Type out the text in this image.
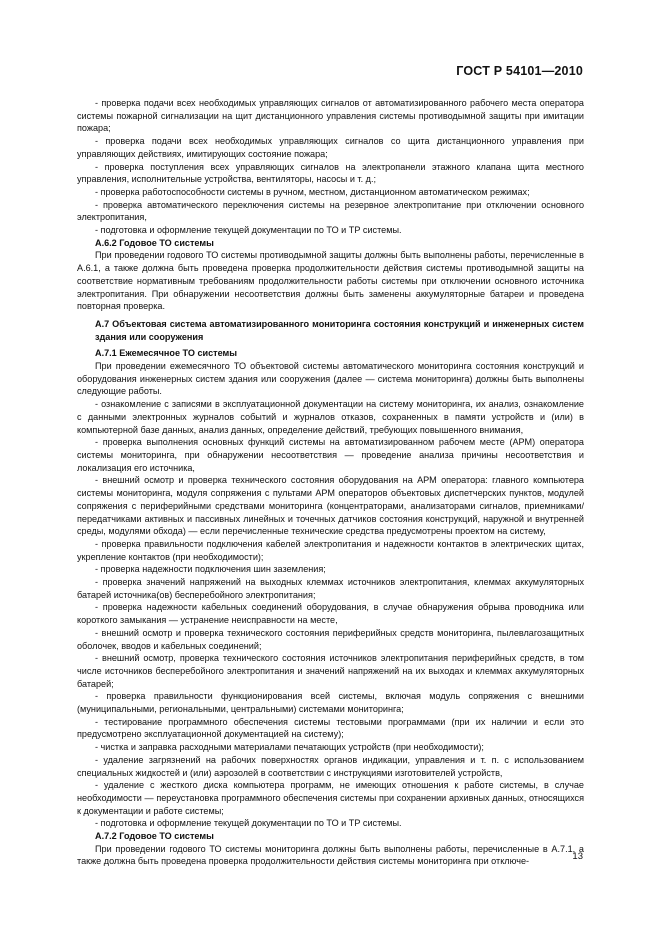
ГОСТ Р 54101—2010

- проверка подачи всех необходимых управляющих сигналов от автоматизированного рабочего места оператора системы пожарной сигнализации на щит дистанционного управления системы противодымной защиты при имитации пожара;

- проверка подачи всех необходимых управляющих сигналов со щита дистанционного управления при управляющих действиях, имитирующих состояние пожара;

- проверка поступления всех управляющих сигналов на электропанели этажного клапана щита местного управления, исполнительные устройства, вентиляторы, насосы и т. д.;

- проверка работоспособности системы в ручном, местном, дистанционном автоматическом режимах;

- проверка автоматического переключения системы на резервное электропитание при отключении основного электропитания,

- подготовка и оформление текущей документации по ТО и ТР системы.

А.6.2 Годовое ТО системы

При проведении годового ТО системы противодымной защиты должны быть выполнены работы, перечисленные в А.6.1, а также должна быть проведена проверка продолжительности действия системы противодымной защиты на соответствие нормативным требованиям продолжительности работы системы при отключении основного источника электропитания. При обнаружении несоответствия должны быть заменены аккумуляторные батареи и проведена повторная проверка.

А.7 Объектовая система автоматизированного мониторинга состояния конструкций и инженерных систем здания или сооружения

А.7.1 Ежемесячное ТО системы

При проведении ежемесячного ТО объектовой системы автоматического мониторинга состояния конструкций и оборудования инженерных систем здания или сооружения (далее — система мониторинга) должны быть выполнены следующие работы.

- ознакомление с записями в эксплуатационной документации на систему мониторинга, их анализ, ознакомление с данными электронных журналов событий и журналов отказов, сохраненных в памяти устройств и (или) в компьютерной базе данных, анализ данных, определение действий, требующих повышенного внимания,

- проверка выполнения основных функций системы на автоматизированном рабочем месте (АРМ) оператора системы мониторинга, при обнаружении несоответствия — проведение анализа причины несоответствия и локализация его источника,

- внешний осмотр и проверка технического состояния оборудования на АРМ оператора: главного компьютера системы мониторинга, модуля сопряжения с пультами АРМ операторов объектовых диспетчерских пунктов, модулей сопряжения с периферийными средствами мониторинга (концентраторами, анализаторами сигналов, приемниками/передатчиками активных и пассивных линейных и точечных датчиков состояния конструкций, наружной и внутренней среды, модулями обхода) — если перечисленные технические средства предусмотрены проектом на систему,

- проверка правильности подключения кабелей электропитания и надежности контактов в электрических щитах, укрепление контактов (при необходимости);

- проверка надежности подключения шин заземления;

- проверка значений напряжений на выходных клеммах источников электропитания, клеммах аккумуляторных батарей источника(ов) бесперебойного электропитания;

- проверка надежности кабельных соединений оборудования, в случае обнаружения обрыва проводника или короткого замыкания — устранение неисправности на месте,

- внешний осмотр и проверка технического состояния периферийных средств мониторинга, пылевлагозащитных оболочек, вводов и кабельных соединений;

- внешний осмотр, проверка технического состояния источников электропитания периферийных средств, в том числе источников бесперебойного электропитания и значений напряжений на их выходах и клеммах аккумуляторных батарей;

- проверка правильности функционирования всей системы, включая модуль сопряжения с внешними (муниципальными, региональными, центральными) системами мониторинга;

- тестирование программного обеспечения системы тестовыми программами (при их наличии и если это предусмотрено эксплуатационной документацией на систему);

- чистка и заправка расходными материалами печатающих устройств (при необходимости);

- удаление загрязнений на рабочих поверхностях органов индикации, управления и т. п. с использованием специальных жидкостей и (или) аэрозолей в соответствии с инструкциями изготовителей устройств,

- удаление с жесткого диска компьютера программ, не имеющих отношения к работе системы, в случае необходимости — переустановка программного обеспечения системы при сохранении архивных данных, относящихся к документации и работе системы;

- подготовка и оформление текущей документации по ТО и ТР системы.

А.7.2 Годовое ТО системы

При проведении годового ТО системы мониторинга должны быть выполнены работы, перечисленные в А.7.1, а также должна быть проведена проверка продолжительности действия системы мониторинга при отключе-	13
